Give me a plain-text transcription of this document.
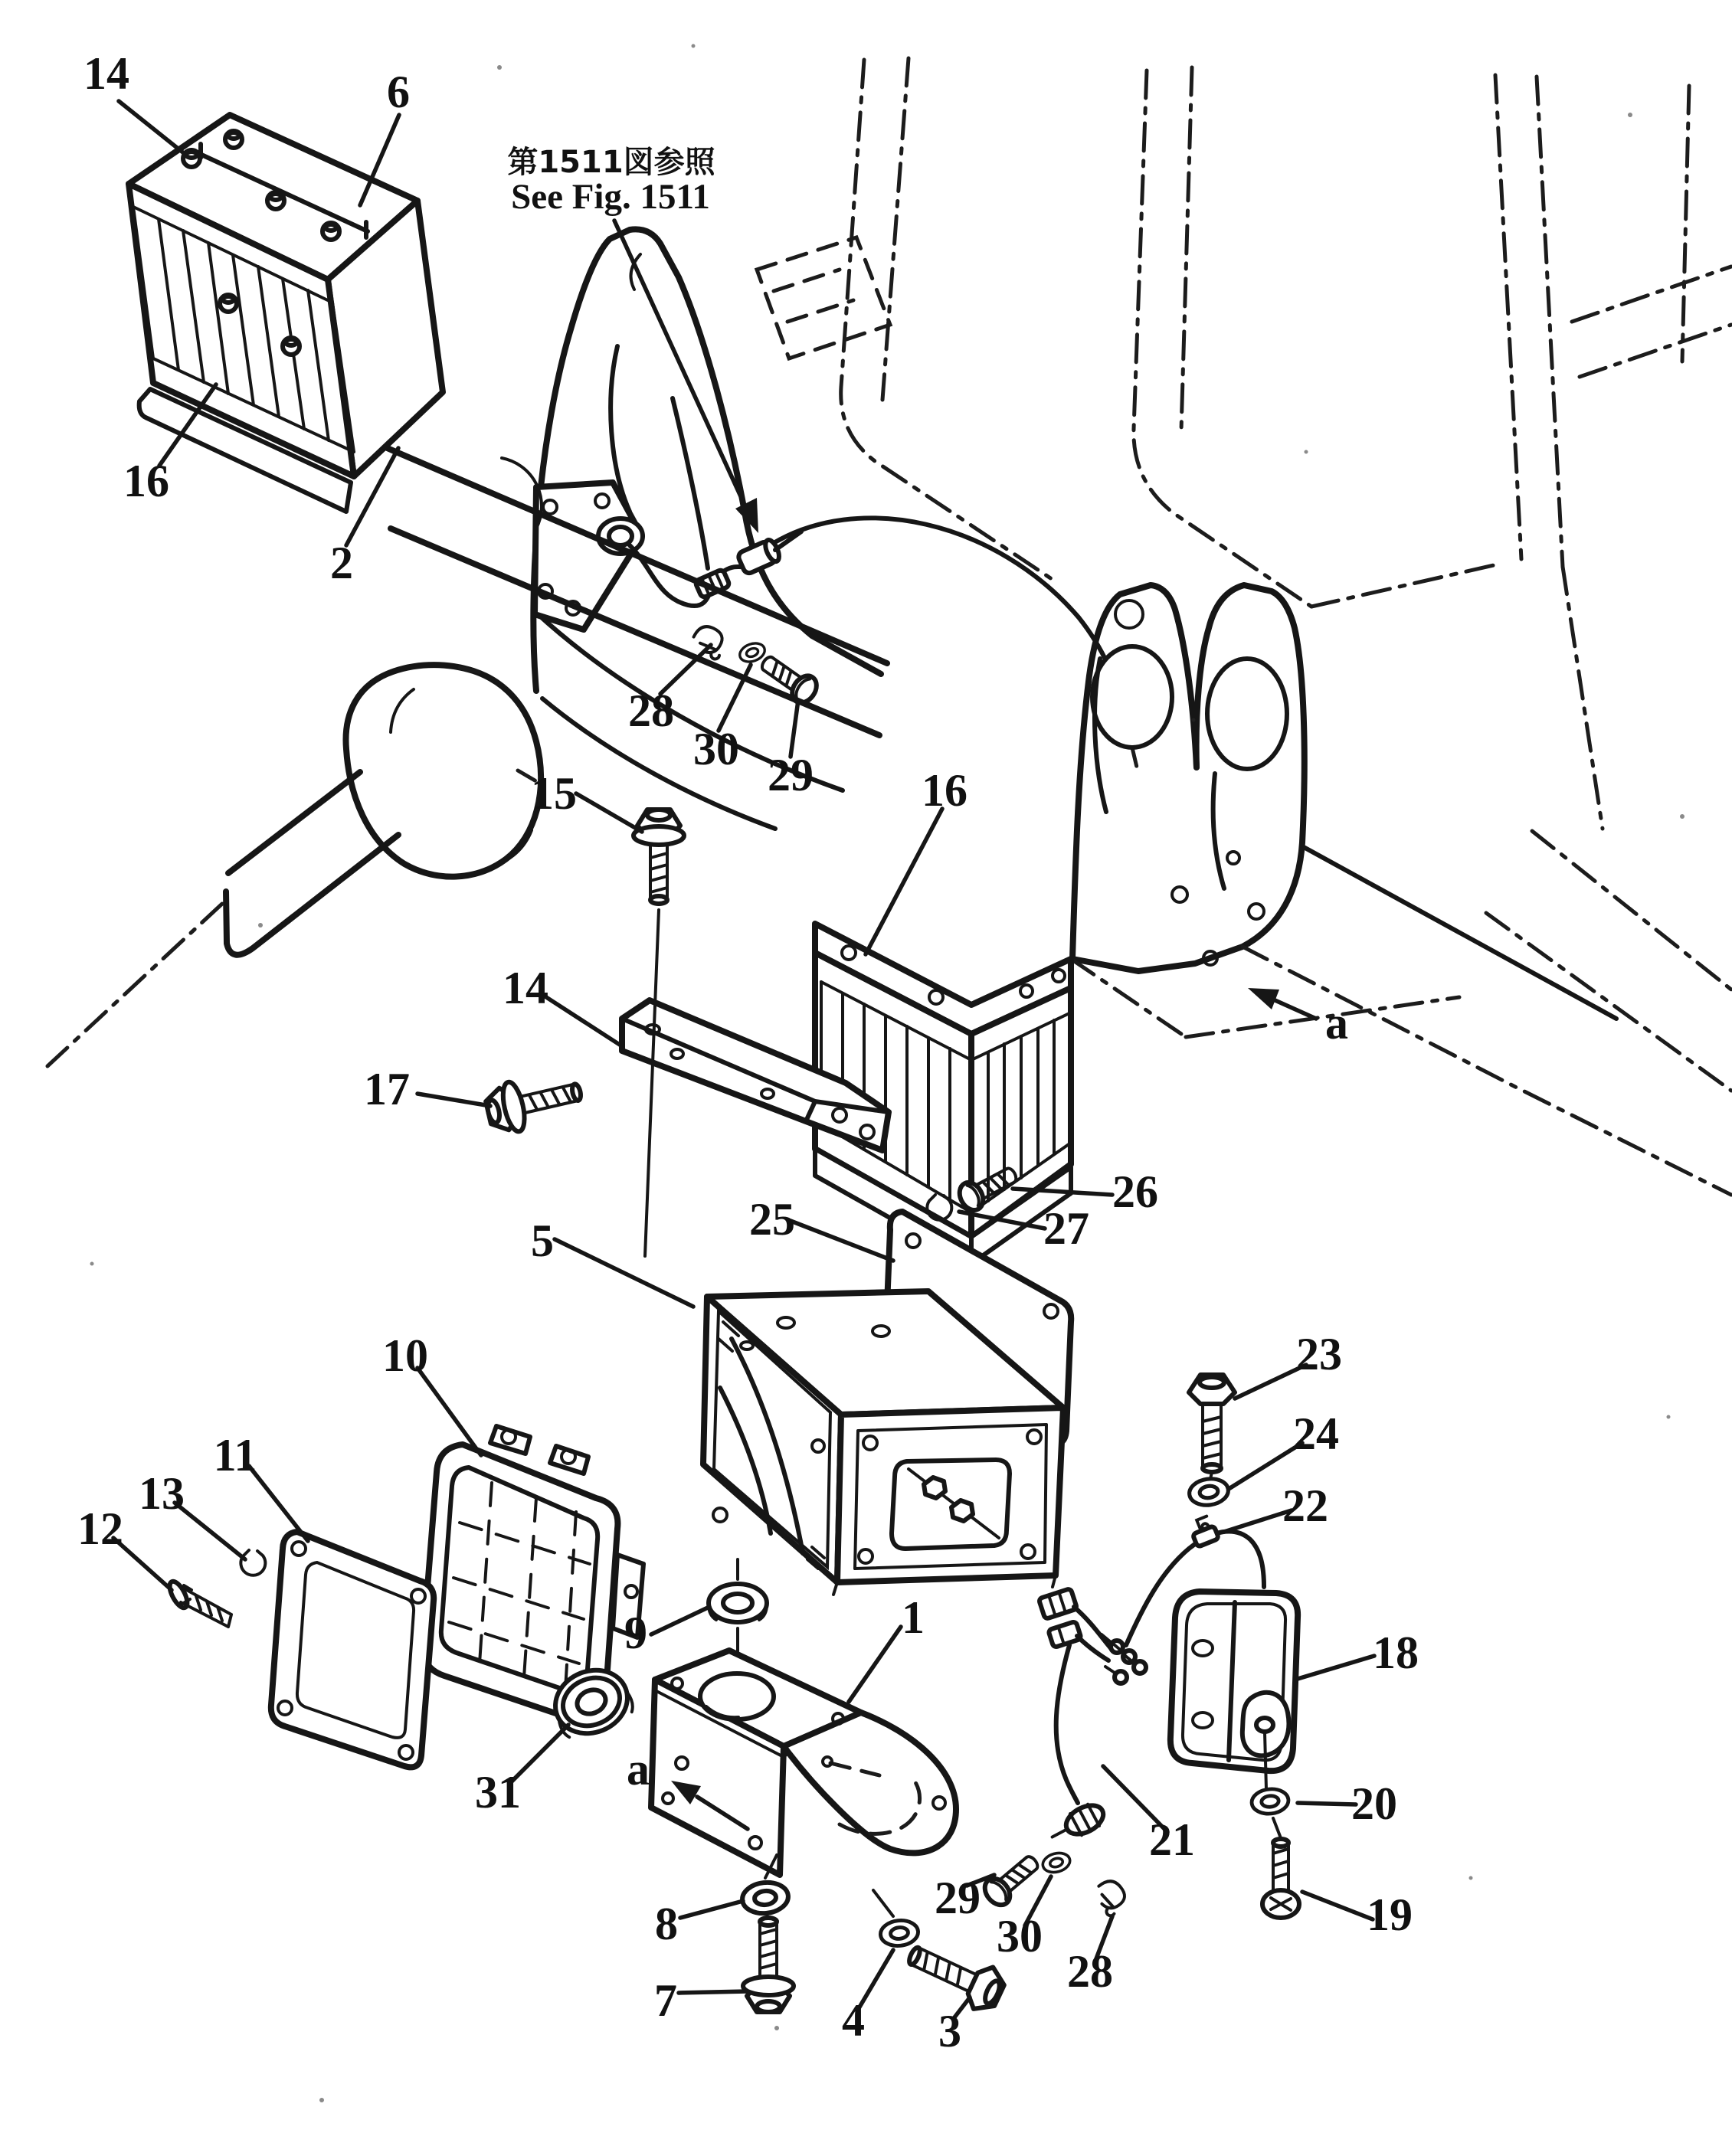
第1511図参照
See Fig. 1511
14	6
16
2
28
30
29
15	16
14
17
a
26
27
25
5
10	23
24
22
11
13
12
9	1
18
31 a
20
21
19
29
30
28
8
7	4 3
